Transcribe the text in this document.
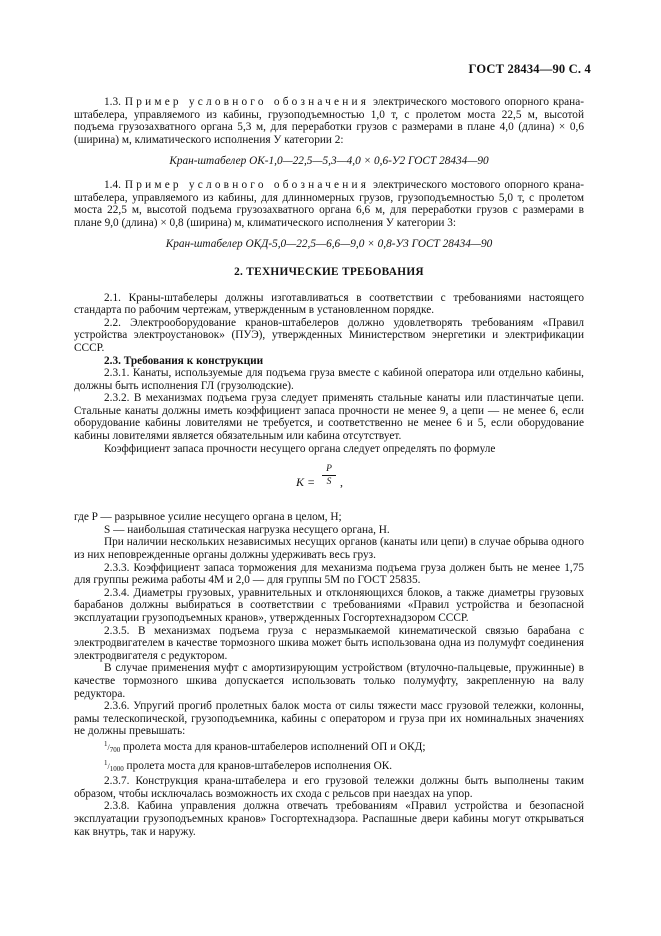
ГОСТ 28434—90 С. 4

1.3. Пример условного обозначения электрического мостового опорного крана-штабелера, управляемого из кабины, грузоподъемностью 1,0 т, с пролетом моста 22,5 м, высотой подъема грузозахватного органа 5,3 м, для переработки грузов с размерами в плане 4,0 (длина) × 0,6 (ширина) м, климатического исполнения У категории 2:

Кран-штабелер ОК-1,0—22,5—5,3—4,0 × 0,6-У2 ГОСТ 28434—90

1.4. Пример условного обозначения электрического мостового опорного крана-штабелера, управляемого из кабины, для длинномерных грузов, грузоподъемностью 5,0 т, с пролетом моста 22,5 м, высотой подъема грузозахватного органа 6,6 м, для переработки грузов с размерами в плане 9,0 (длина) × 0,8 (ширина) м, климатического исполнения У категории 3:

Кран-штабелер ОКД-5,0—22,5—6,6—9,0 × 0,8-У3 ГОСТ 28434—90

2. ТЕХНИЧЕСКИЕ ТРЕБОВАНИЯ

2.1. Краны-штабелеры должны изготавливаться в соответствии с требованиями настоящего стандарта по рабочим чертежам, утвержденным в установленном порядке.

2.2. Электрооборудование кранов-штабелеров должно удовлетворять требованиям «Правил устройства электроустановок» (ПУЭ), утвержденных Министерством энергетики и электрификации СССР.

2.3. Требования к конструкции

2.3.1. Канаты, используемые для подъема груза вместе с кабиной оператора или отдельно кабины, должны быть исполнения ГЛ (грузолюдские).

2.3.2. В механизмах подъема груза следует применять стальные канаты или пластинчатые цепи. Стальные канаты должны иметь коэффициент запаса прочности не менее 9, а цепи — не менее 6, если оборудование кабины ловителями не требуется, и соответственно не менее 6 и 5, если оборудование кабины ловителями является обязательным или кабина отсутствует.

Коэффициент запаса прочности несущего органа следует определять по формуле

$K = \frac{P}{S}$ ,

где P — разрывное усилие несущего органа в целом, Н;

S — наибольшая статическая нагрузка несущего органа, Н.

При наличии нескольких независимых несущих органов (канаты или цепи) в случае обрыва одного из них неповрежденные органы должны удерживать весь груз.

2.3.3. Коэффициент запаса торможения для механизма подъема груза должен быть не менее 1,75 для группы режима работы 4М и 2,0 — для группы 5М по ГОСТ 25835.

2.3.4. Диаметры грузовых, уравнительных и отклоняющихся блоков, а также диаметры грузовых барабанов должны выбираться в соответствии с требованиями «Правил устройства и безопасной эксплуатации грузоподъемных кранов», утвержденных Госгортехнадзором СССР.

2.3.5. В механизмах подъема груза с неразмыкаемой кинематической связью барабана с электродвигателем в качестве тормозного шкива может быть использована одна из полумуфт соединения электродвигателя с редуктором.

В случае применения муфт с амортизирующим устройством (втулочно-пальцевые, пружинные) в качестве тормозного шкива допускается использовать только полумуфту, закрепленную на валу редуктора.

2.3.6. Упругий прогиб пролетных балок моста от силы тяжести масс грузовой тележки, колонны, рамы телескопической, грузоподъемника, кабины с оператором и груза при их номинальных значениях не должны превышать:

$^1/_{700}$ пролета моста для кранов-штабелеров исполнений ОП и ОКД;

$^1/_{1000}$ пролета моста для кранов-штабелеров исполнения ОК.

2.3.7. Конструкция крана-штабелера и его грузовой тележки должны быть выполнены таким образом, чтобы исключалась возможность их схода с рельсов при наездах на упор.

2.3.8. Кабина управления должна отвечать требованиям «Правил устройства и безопасной эксплуатации грузоподъемных кранов» Госгортехнадзора. Распашные двери кабины могут открываться как внутрь, так и наружу.
